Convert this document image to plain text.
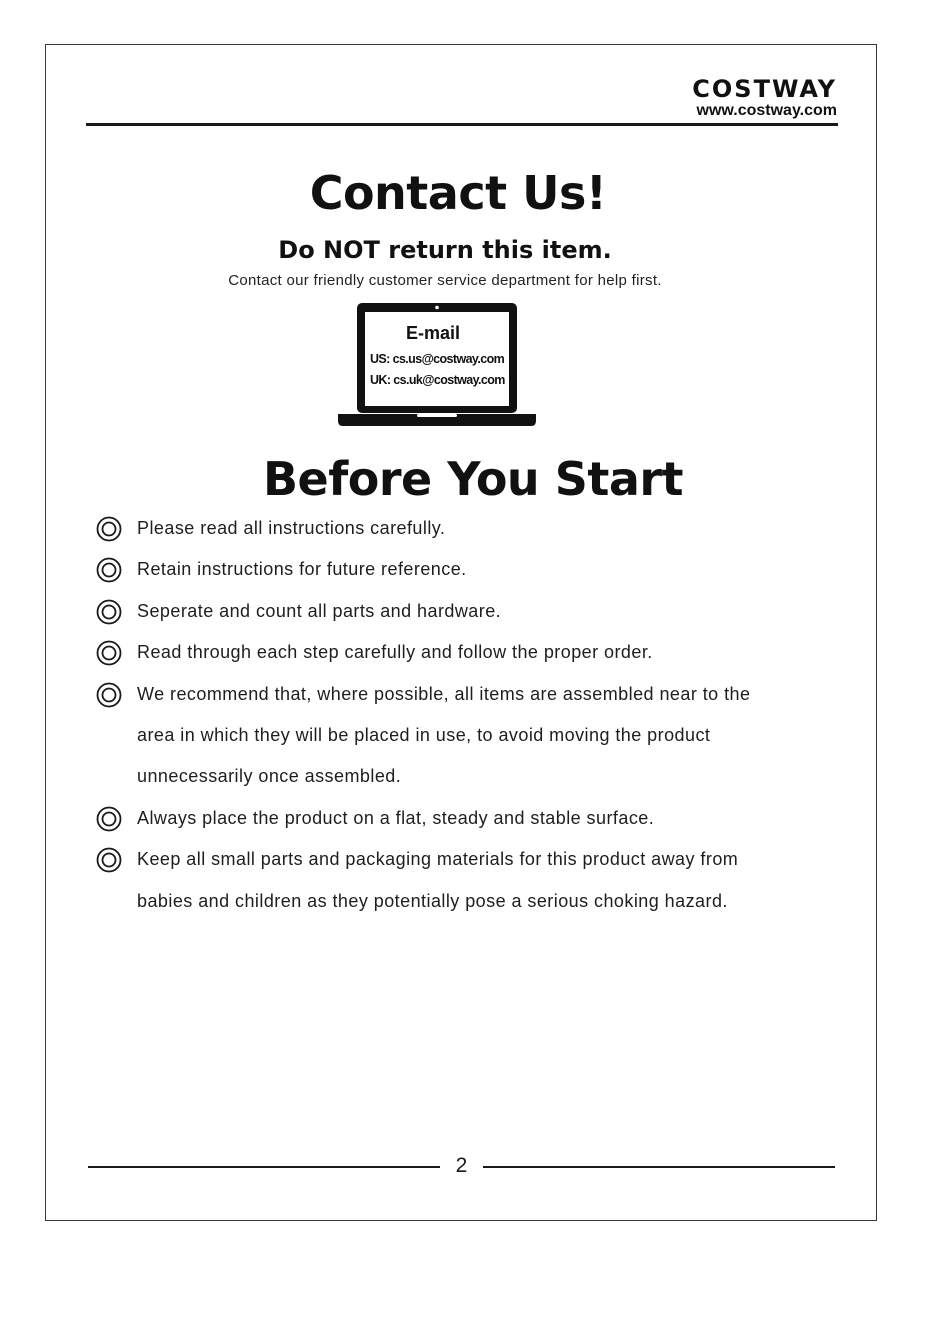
COSTWAY
www.costway.com
Contact Us!
Do NOT return this item.
Contact our friendly customer service department for help first.
E-mail
US: cs.us@costway.com
UK: cs.uk@costway.com
Before You Start
Please read all instructions carefully.
Retain instructions for future reference.
Seperate and count all parts and hardware.
Read through each step carefully and follow the proper order.
We recommend that, where possible, all items are assembled near to the
area in which they will be placed in use, to avoid moving the product
unnecessarily once assembled.
Always place the product on a flat, steady and stable surface.
Keep all small parts and packaging materials for this product away from
babies and children as they potentially pose a serious choking hazard.
2
